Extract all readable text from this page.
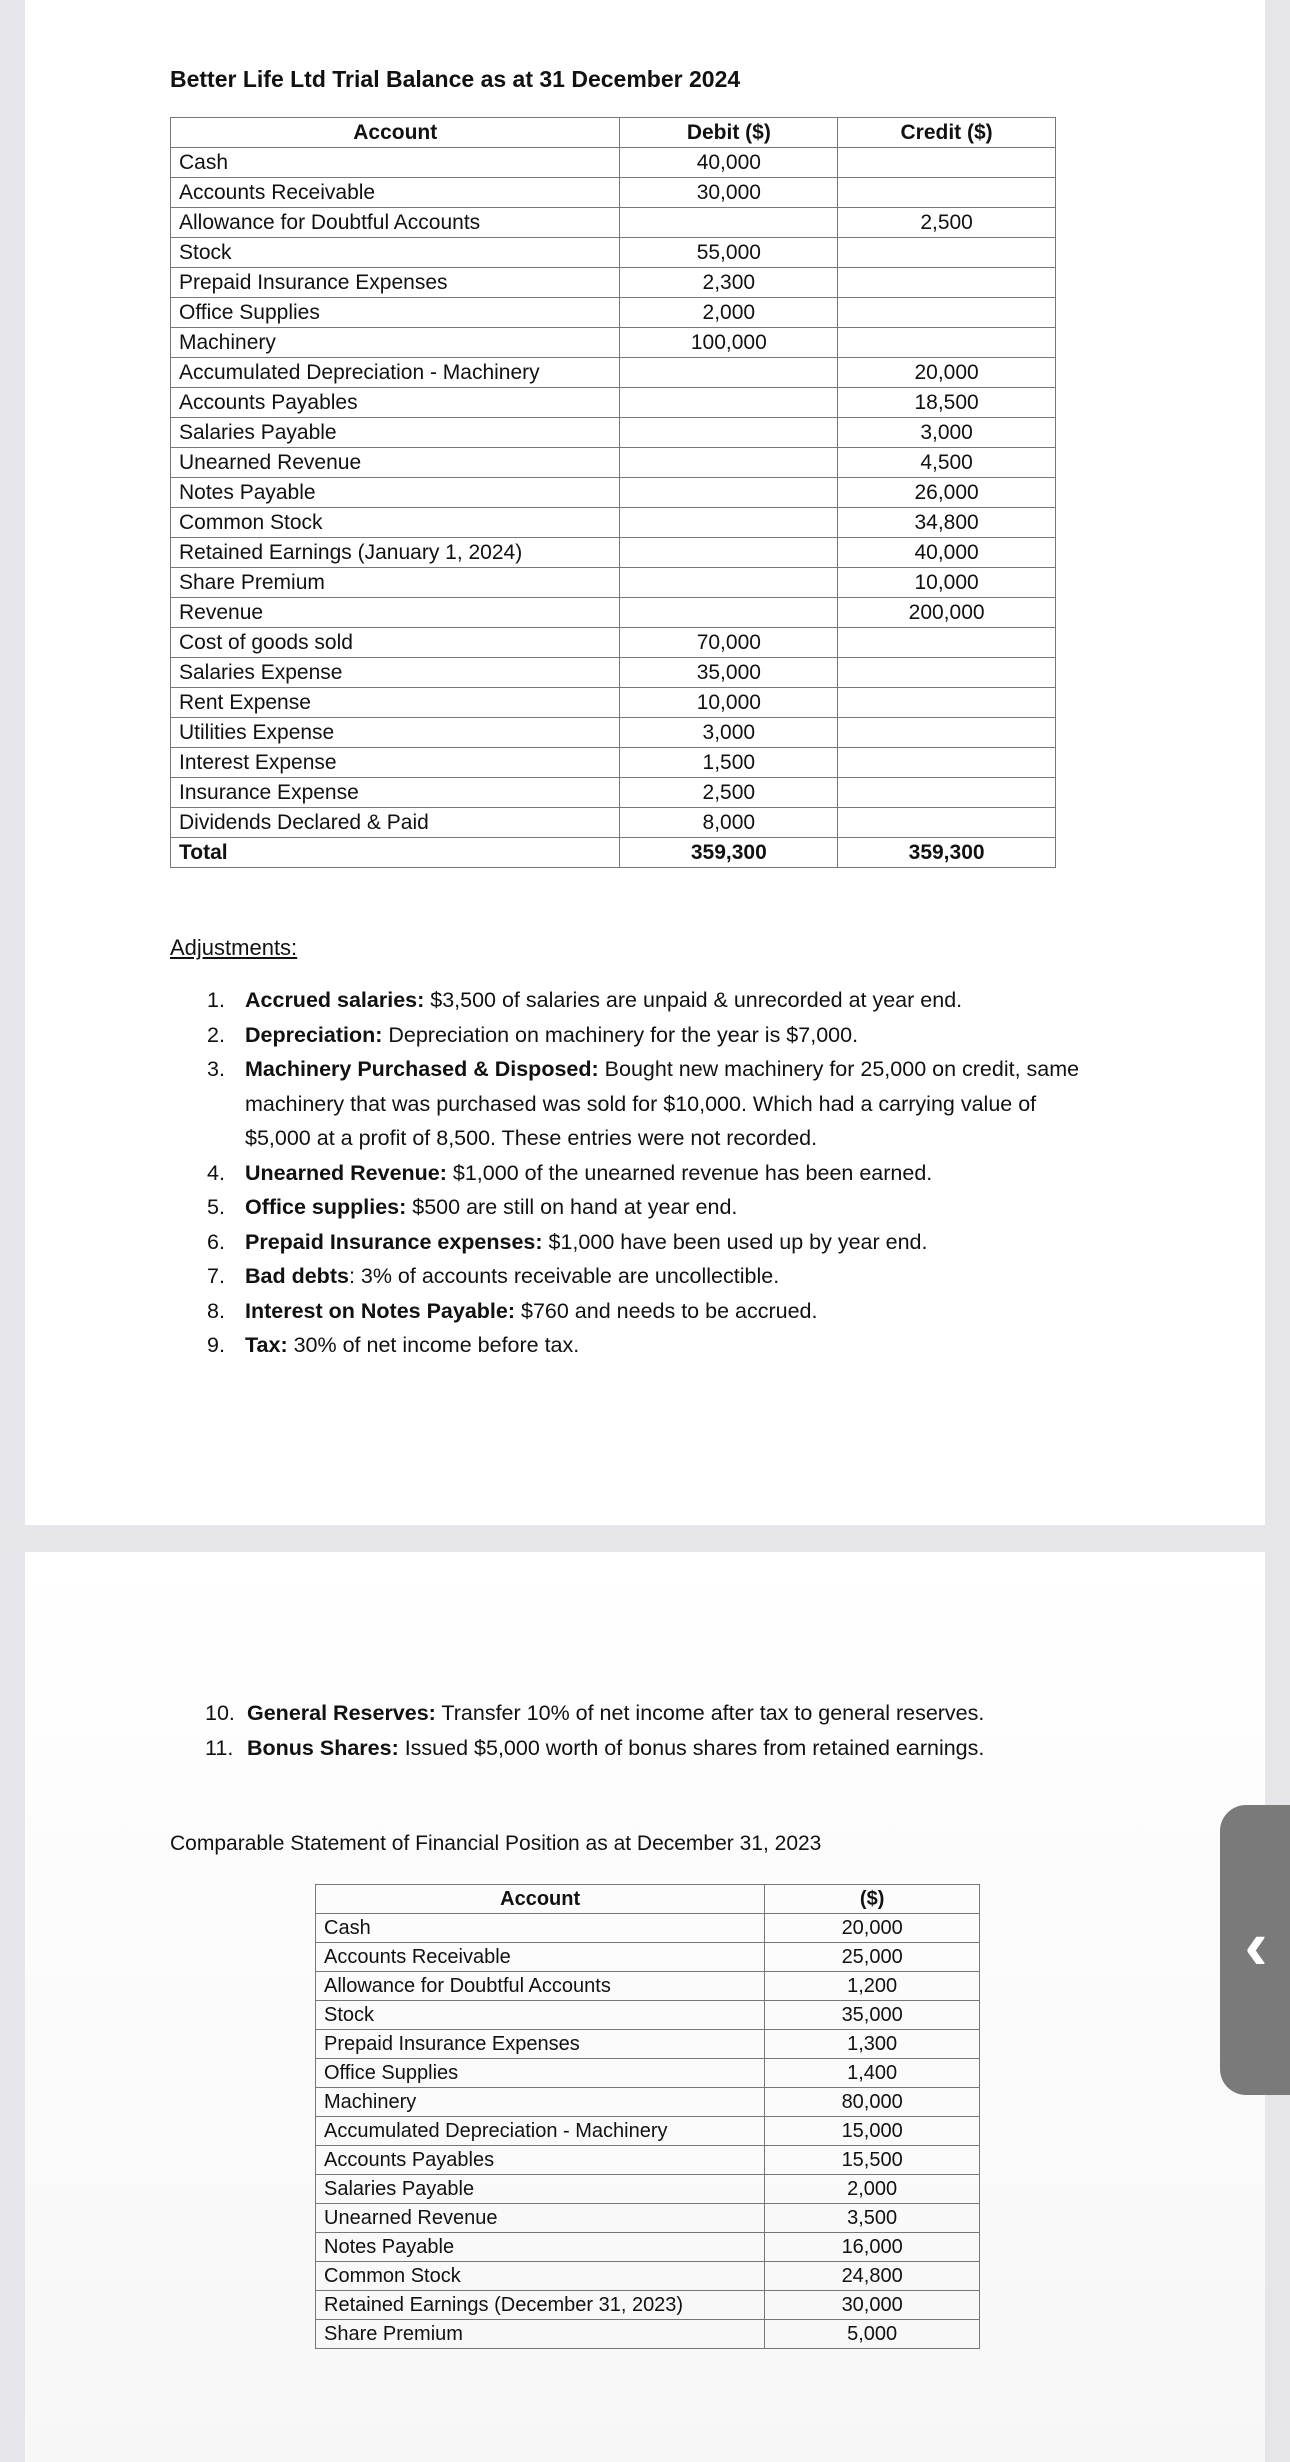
Better Life Ltd Trial Balance as at 31 December 2024
Account	Debit ($)	Credit ($)
Cash	40,000	
Accounts Receivable	30,000	
Allowance for Doubtful Accounts		2,500
Stock	55,000	
Prepaid Insurance Expenses	2,300	
Office Supplies	2,000	
Machinery	100,000	
Accumulated Depreciation - Machinery		20,000
Accounts Payables		18,500
Salaries Payable		3,000
Unearned Revenue		4,500
Notes Payable		26,000
Common Stock		34,800
Retained Earnings (January 1, 2024)		40,000
Share Premium		10,000
Revenue		200,000
Cost of goods sold	70,000	
Salaries Expense	35,000	
Rent Expense	10,000	
Utilities Expense	3,000	
Interest Expense	1,500	
Insurance Expense	2,500	
Dividends Declared & Paid	8,000	
Total	359,300	359,300
Adjustments:
1. Accrued salaries: $3,500 of salaries are unpaid & unrecorded at year end.
2. Depreciation: Depreciation on machinery for the year is $7,000.
3. Machinery Purchased & Disposed: Bought new machinery for 25,000 on credit, same machinery that was purchased was sold for $10,000. Which had a carrying value of $5,000 at a profit of 8,500. These entries were not recorded.
4. Unearned Revenue: $1,000 of the unearned revenue has been earned.
5. Office supplies: $500 are still on hand at year end.
6. Prepaid Insurance expenses: $1,000 have been used up by year end.
7. Bad debts: 3% of accounts receivable are uncollectible.
8. Interest on Notes Payable: $760 and needs to be accrued.
9. Tax: 30% of net income before tax.
10. General Reserves: Transfer 10% of net income after tax to general reserves.
11. Bonus Shares: Issued $5,000 worth of bonus shares from retained earnings.
Comparable Statement of Financial Position as at December 31, 2023
Account	($)
Cash	20,000
Accounts Receivable	25,000
Allowance for Doubtful Accounts	1,200
Stock	35,000
Prepaid Insurance Expenses	1,300
Office Supplies	1,400
Machinery	80,000
Accumulated Depreciation - Machinery	15,000
Accounts Payables	15,500
Salaries Payable	2,000
Unearned Revenue	3,500
Notes Payable	16,000
Common Stock	24,800
Retained Earnings (December 31, 2023)	30,000
Share Premium	5,000
‹
